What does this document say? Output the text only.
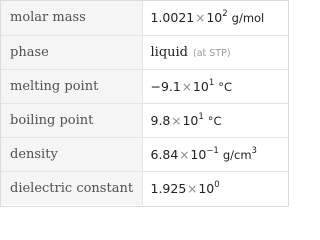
molar mass	$1.0021\times 10^2$ g/mol
phase	liquid (at STP)
melting point	$-9.1\times 10^1$ °C
boiling point	$9.8\times 10^1$ °C
density	$6.84\times 10^{-1}$ $g/cm^3$
dielectric constant	$1.925\times 10^0$
